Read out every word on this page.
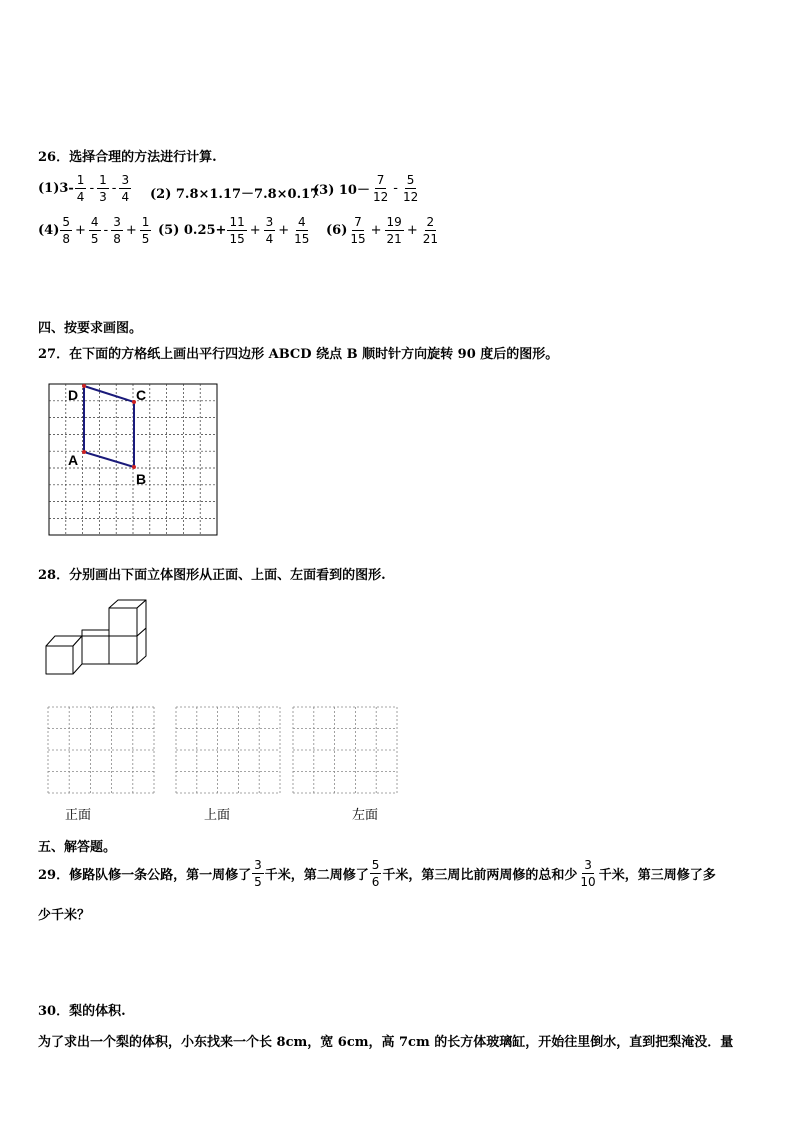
26．选择合理的方法进行计算.
$(1)3- \frac{1}{4} - \frac{1}{3} - \frac{3}{4} (2)$ 7.8×1.17－7.8×0.17
(3) $10- \frac{7}{12} - \frac{5}{12}$
$(4) \frac{5}{8} + \frac{4}{5} - \frac{3}{8} + \frac{1}{5} (5)$ $0.25+ \frac{11}{15} + \frac{3}{4} + \frac{4}{15} (6) \frac{7}{15} + \frac{19}{21} + \frac{2}{21}$
四、按要求画图。
27．在下面的方格纸上画出平行四边形 ABCD 绕点 B 顺时针方向旋转 90 度后的图形。
D	C
A
B
28．分别画出下面立体图形从正面、上面、左面看到的图形.
正面	上面	左面
五、解答题。
29．修路队修一条公路，第一周修了 $\frac{3}{5}$ 千米，第二周修了 $\frac{5}{6}$ 千米，第三周比前两周修的总和少 $\frac{3}{10}$ 千米，第三周修了多
少千米？
30．梨的体积.
为了求出一个梨的体积，小东找来一个长 8cm，宽 6cm，高 7cm 的长方体玻璃缸，开始往里倒水，直到把梨淹没．量
